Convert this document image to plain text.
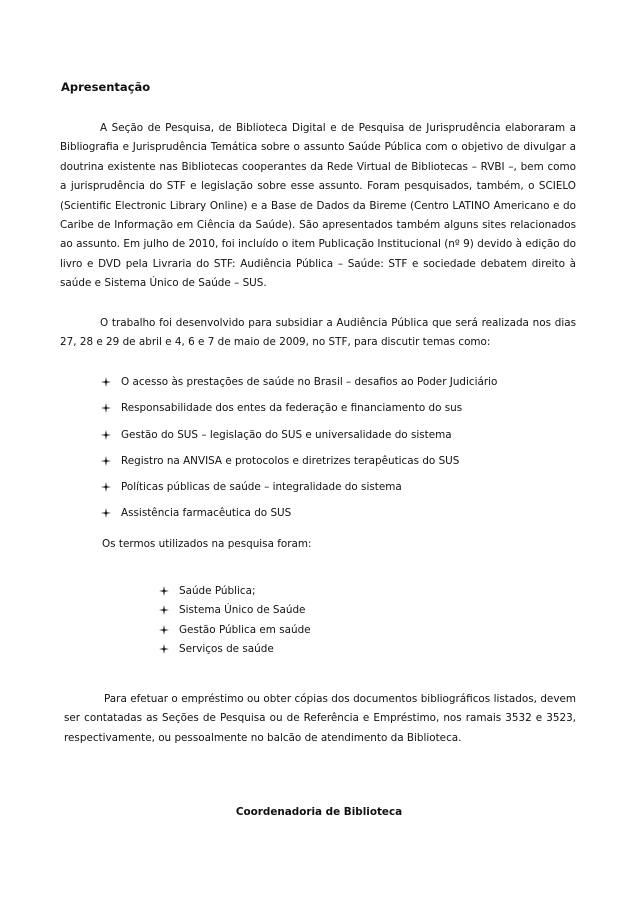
Apresentação

A Seção de Pesquisa, de Biblioteca Digital e de Pesquisa de Jurisprudência elaboraram a Bibliografia e Jurisprudência Temática sobre o assunto Saúde Pública com o objetivo de divulgar a doutrina existente nas Bibliotecas cooperantes da Rede Virtual de Bibliotecas – RVBI –, bem como a jurisprudência do STF e legislação sobre esse assunto. Foram pesquisados, também, o SCIELO (Scientific Electronic Library Online) e a Base de Dados da Bireme (Centro LATINO Americano e do Caribe de Informação em Ciência da Saúde). São apresentados também alguns sites relacionados ao assunto. Em julho de 2010, foi incluído o item Publicação Institucional (nº 9) devido à edição do livro e DVD pela Livraria do STF: Audiência Pública – Saúde: STF e sociedade debatem direito à saúde e Sistema Único de Saúde – SUS.

O trabalho foi desenvolvido para subsidiar a Audiência Pública que será realizada nos dias 27, 28 e 29 de abril e 4, 6 e 7 de maio de 2009, no STF, para discutir temas como:

O acesso às prestações de saúde no Brasil – desafios ao Poder Judiciário
Responsabilidade dos entes da federação e financiamento do sus
Gestão do SUS – legislação do SUS e universalidade do sistema
Registro na ANVISA e protocolos e diretrizes terapêuticas do SUS
Políticas públicas de saúde – integralidade do sistema
Assistência farmacêutica do SUS

Os termos utilizados na pesquisa foram:

Saúde Pública;
Sistema Único de Saúde
Gestão Pública em saúde
Serviços de saúde

Para efetuar o empréstimo ou obter cópias dos documentos bibliográficos listados, devem ser contatadas as Seções de Pesquisa ou de Referência e Empréstimo, nos ramais 3532 e 3523, respectivamente, ou pessoalmente no balcão de atendimento da Biblioteca.

Coordenadoria de Biblioteca
